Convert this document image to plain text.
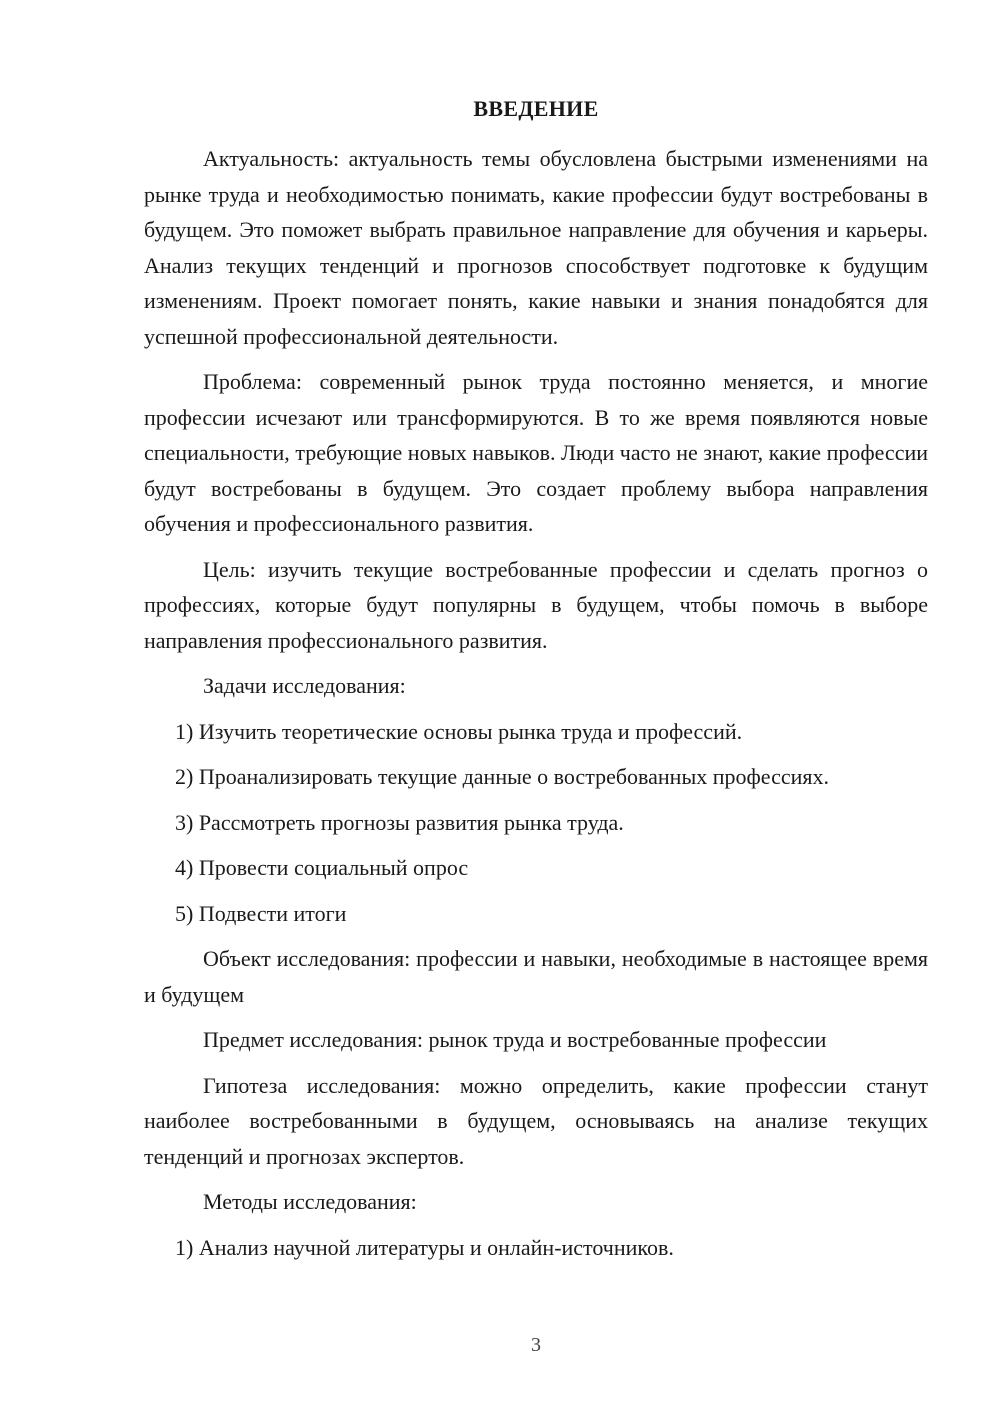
ВВЕДЕНИЕ

Актуальность: актуальность темы обусловлена быстрыми изменениями на рынке труда и необходимостью понимать, какие профессии будут востребованы в будущем. Это поможет выбрать правильное направление для обучения и карьеры. Анализ текущих тенденций и прогнозов способствует подготовке к будущим изменениям. Проект помогает понять, какие навыки и знания понадобятся для успешной профессиональной деятельности.

Проблема: современный рынок труда постоянно меняется, и многие профессии исчезают или трансформируются. В то же время появляются новые специальности, требующие новых навыков. Люди часто не знают, какие профессии будут востребованы в будущем. Это создает проблему выбора направления обучения и профессионального развития.

Цель: изучить текущие востребованные профессии и сделать прогноз о профессиях, которые будут популярны в будущем, чтобы помочь в выборе направления профессионального развития.

Задачи исследования:

1) Изучить теоретические основы рынка труда и профессий.

2) Проанализировать текущие данные о востребованных профессиях.

3) Рассмотреть прогнозы развития рынка труда.

4) Провести социальный опрос

5) Подвести итоги

Объект исследования: профессии и навыки, необходимые в настоящее время и будущем

Предмет исследования: рынок труда и востребованные профессии

Гипотеза исследования: можно определить, какие профессии станут наиболее востребованными в будущем, основываясь на анализе текущих тенденций и прогнозах экспертов.

Методы исследования:

1) Анализ научной литературы и онлайн-источников.

3
